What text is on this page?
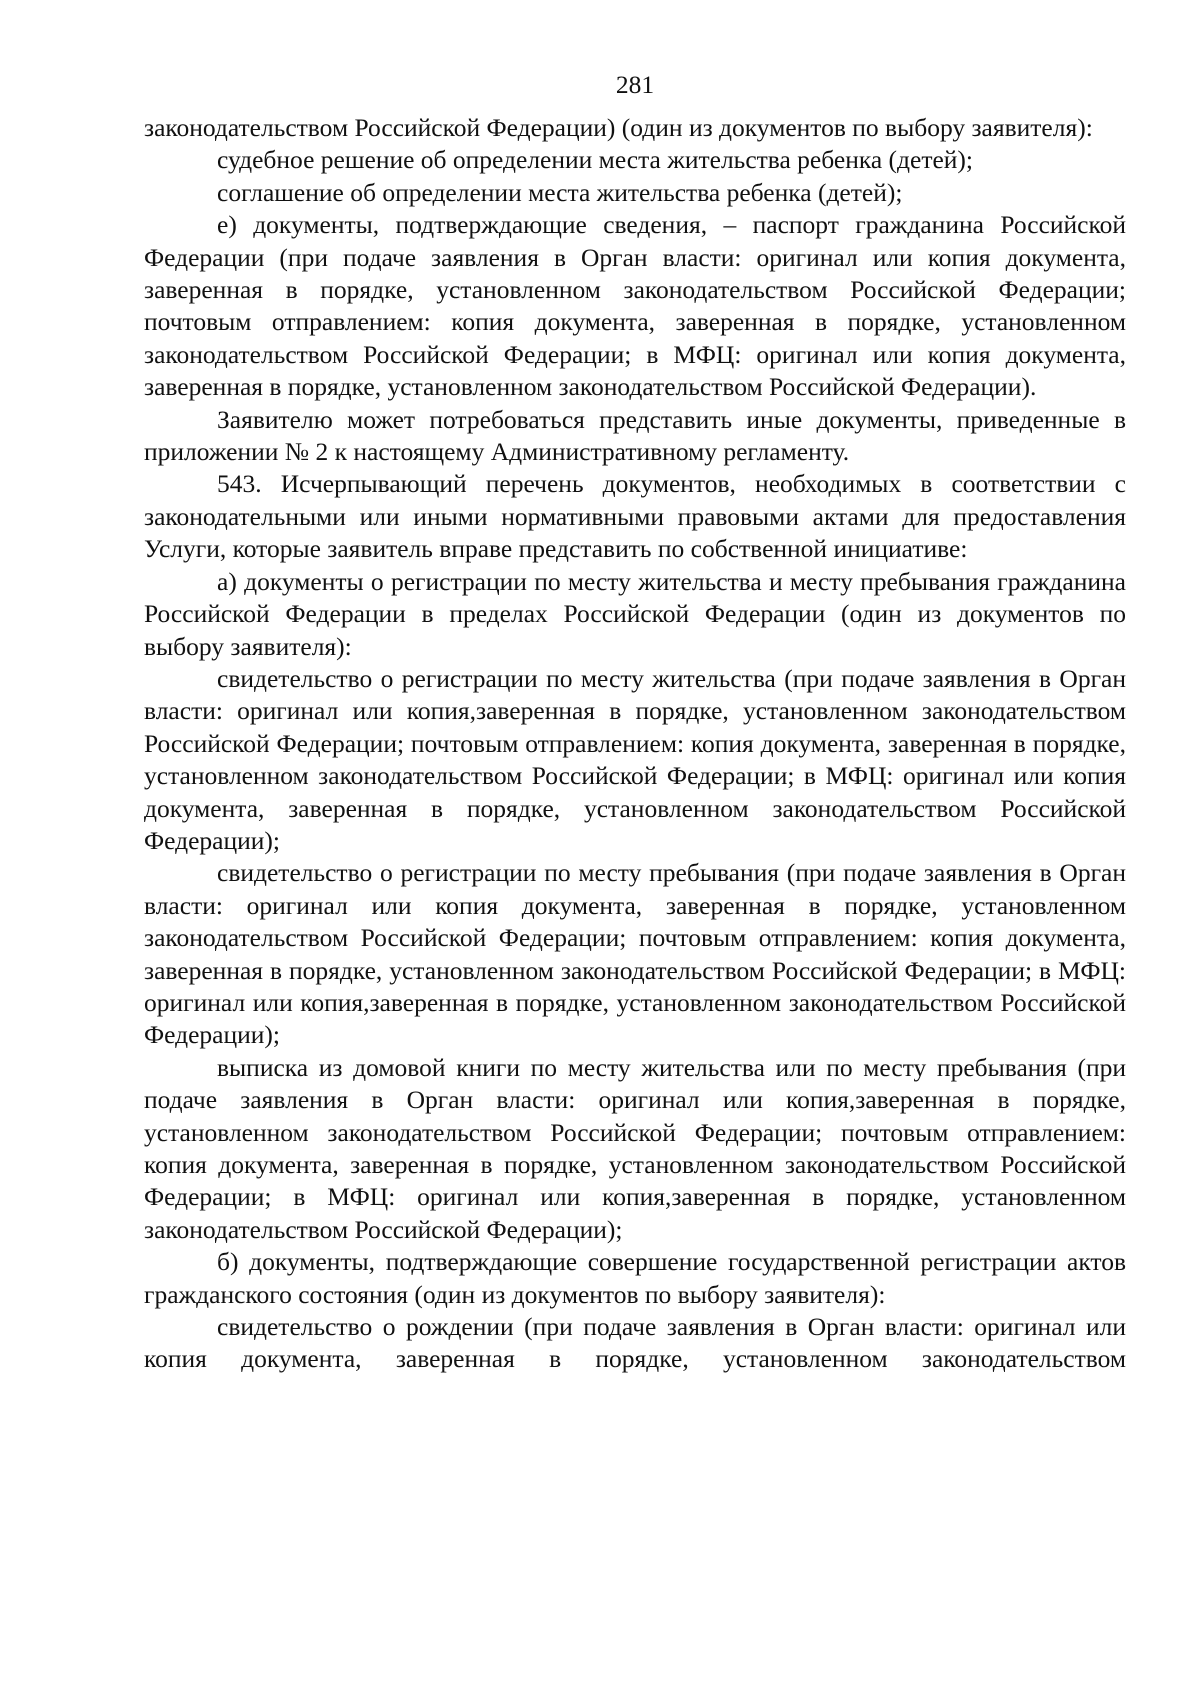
281

законодательством Российской Федерации) (один из документов по выбору заявителя):

судебное решение об определении места жительства ребенка (детей);

соглашение об определении места жительства ребенка (детей);

е) документы, подтверждающие сведения, – паспорт гражданина Российской Федерации (при подаче заявления в Орган власти: оригинал или копия документа, заверенная в порядке, установленном законодательством Российской Федерации; почтовым отправлением: копия документа, заверенная в порядке, установленном законодательством Российской Федерации; в МФЦ: оригинал или копия документа, заверенная в порядке, установленном законодательством Российской Федерации).

Заявителю может потребоваться представить иные документы, приведенные в приложении № 2 к настоящему Административному регламенту.

543. Исчерпывающий перечень документов, необходимых в соответствии с законодательными или иными нормативными правовыми актами для предоставления Услуги, которые заявитель вправе представить по собственной инициативе:

а) документы о регистрации по месту жительства и месту пребывания гражданина Российской Федерации в пределах Российской Федерации (один из документов по выбору заявителя):

свидетельство о регистрации по месту жительства (при подаче заявления в Орган власти: оригинал или копия,заверенная в порядке, установленном законодательством Российской Федерации; почтовым отправлением: копия документа, заверенная в порядке, установленном законодательством Российской Федерации; в МФЦ: оригинал или копия документа, заверенная в порядке, установленном законодательством Российской Федерации);

свидетельство о регистрации по месту пребывания (при подаче заявления в Орган власти: оригинал или копия документа, заверенная в порядке, установленном законодательством Российской Федерации; почтовым отправлением: копия документа, заверенная в порядке, установленном законодательством Российской Федерации; в МФЦ: оригинал или копия,заверенная в порядке, установленном законодательством Российской Федерации);

выписка из домовой книги по месту жительства или по месту пребывания (при подаче заявления в Орган власти: оригинал или копия,заверенная в порядке, установленном законодательством Российской Федерации; почтовым отправлением: копия документа, заверенная в порядке, установленном законодательством Российской Федерации; в МФЦ: оригинал или копия,заверенная в порядке, установленном законодательством Российской Федерации);

б) документы, подтверждающие совершение государственной регистрации актов гражданского состояния (один из документов по выбору заявителя):

свидетельство о рождении (при подаче заявления в Орган власти: оригинал или копия документа, заверенная в порядке, установленном законодательством
